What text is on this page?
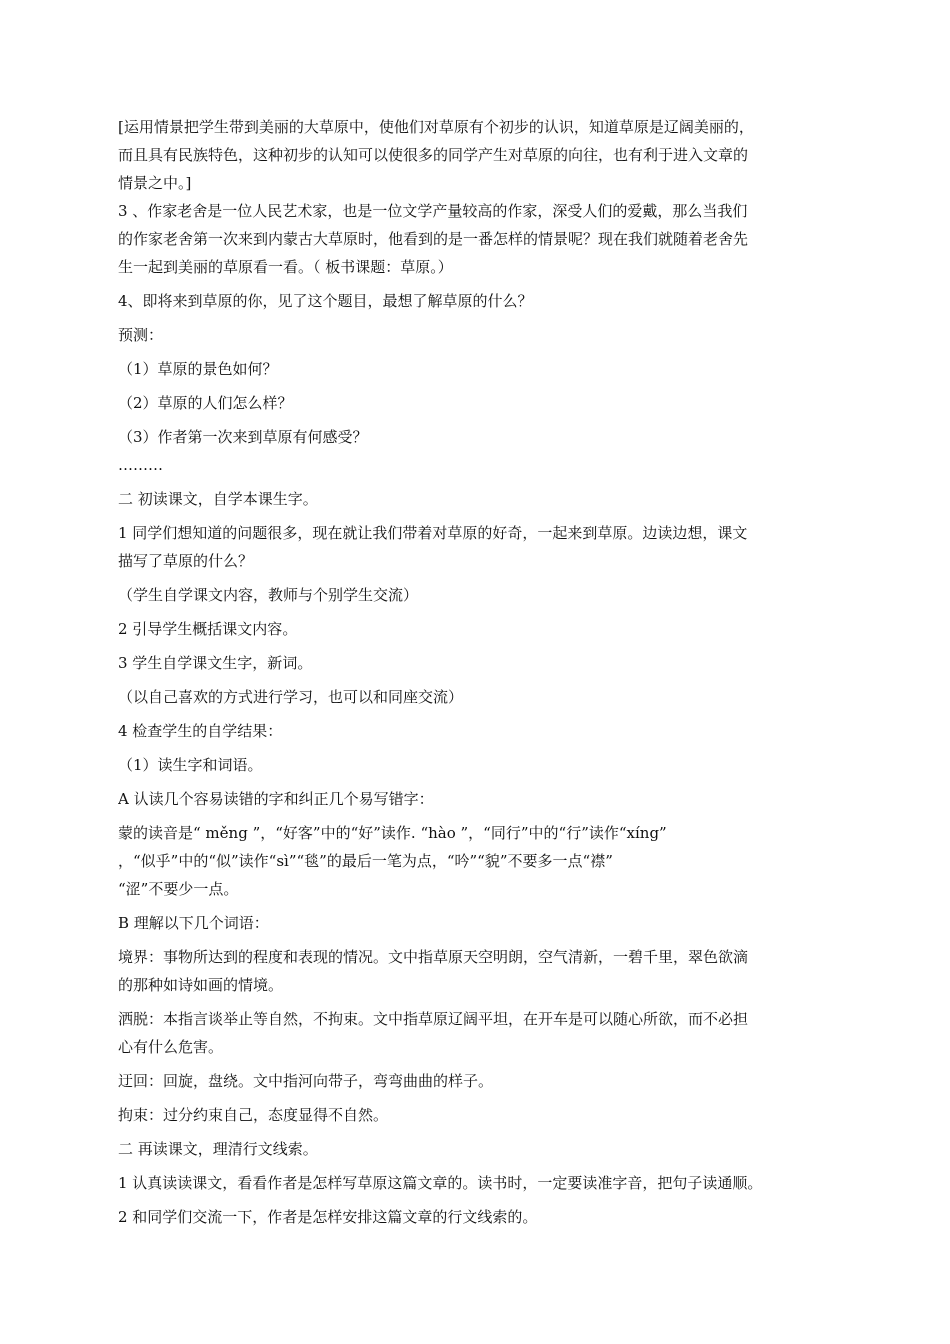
[运用情景把学生带到美丽的大草原中，使他们对草原有个初步的认识，知道草原是辽阔美丽的，
而且具有民族特色，这种初步的认知可以使很多的同学产生对草原的向往，也有利于进入文章的
情景之中。]
3 、作家老舍是一位人民艺术家，也是一位文学产量较高的作家，深受人们的爱戴，那么当我们
的作家老舍第一次来到内蒙古大草原时，他看到的是一番怎样的情景呢？现在我们就随着老舍先
生一起到美丽的草原看一看。（ 板书课题：草原。）
4、即将来到草原的你，见了这个题目，最想了解草原的什么？
预测：
（1）草原的景色如何？
（2）草原的人们怎么样？
（3）作者第一次来到草原有何感受？
………
二 初读课文，自学本课生字。
1 同学们想知道的问题很多，现在就让我们带着对草原的好奇，一起来到草原。边读边想，课文
描写了草原的什么？
（学生自学课文内容，教师与个别学生交流）
2 引导学生概括课文内容。
3 学生自学课文生字，新词。
（以自己喜欢的方式进行学习，也可以和同座交流）
4 检查学生的自学结果：
（1）读生字和词语。
A 认读几个容易读错的字和纠正几个易写错字：
蒙的读音是“ měng ”，“好客”中的“好”读作. “hào ”，“同行”中的“行”读作“xíng”
，“似乎”中的“似”读作“sì”“毯”的最后一笔为点，“吟”“貌”不要多一点“襟”
“涩”不要少一点。
B 理解以下几个词语：
境界：事物所达到的程度和表现的情况。文中指草原天空明朗，空气清新，一碧千里，翠色欲滴
的那种如诗如画的情境。
洒脱：本指言谈举止等自然，不拘束。文中指草原辽阔平坦，在开车是可以随心所欲，而不必担
心有什么危害。
迂回：回旋，盘绕。文中指河向带子，弯弯曲曲的样子。
拘束：过分约束自己，态度显得不自然。
二 再读课文，理清行文线索。
1 认真读读课文，看看作者是怎样写草原这篇文章的。读书时，一定要读准字音，把句子读通顺。
2 和同学们交流一下，作者是怎样安排这篇文章的行文线索的。
